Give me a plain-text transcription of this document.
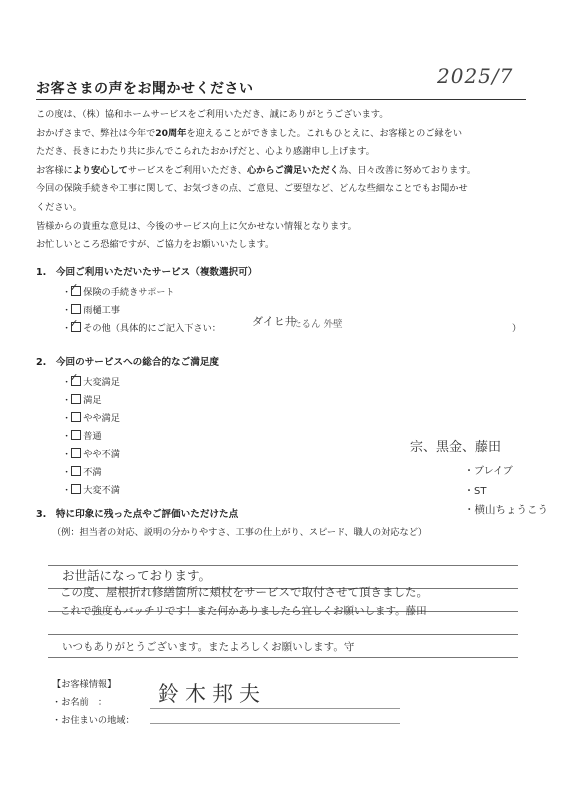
お客さまの声をお聞かせください
2025/7

この度は、（株）協和ホームサービスをご利用いただき、誠にありがとうございます。

おかげさまで、弊社は今年で20周年を迎えることができました。これもひとえに、お客様とのご縁をい

ただき、長きにわたり共に歩んでこられたおかげだと、心より感謝申し上げます。

お客様により安心してサービスをご利用いただき、心からご満足いただく為、日々改善に努めております。

今回の保険手続きや工事に関して、お気づきの点、ご意見、ご要望など、どんな些細なことでもお聞かせ

ください。

皆様からの貴重な意見は、今後のサービス向上に欠かせない情報となります。

お忙しいところ恐縮ですが、ご協力をお願いいたします。

1.　今回ご利用いただいたサービス（複数選択可）
・
✓ 保険の手続きサポート
・ 雨樋工事
・
✓ その他（具体的にご記入下さい：
ダイヒ井
たるん 外壁	）
2.　今回のサービスへの総合的なご満足度
・
✓ 大変満足
・ 満足
・ やや満足
・ 普通
・ やや不満
・ 不満
・ 大変不満
宗、黒金、藤田
・ブレイブ
・ST
・横山ちょうこう
3.　特に印象に残った点やご評価いただけた点
（例：担当者の対応、説明の分かりやすさ、工事の仕上がり、スピード、職人の対応など）
お世話になっております。
この度、屋根折れ修繕箇所に頬杖をサービスで取付させて頂きました。
これで強度もバッチリです！また何かありましたら宜しくお願いします。藤田
いつもありがとうございます。またよろしくお願いします。守
【お客様情報】
・お名前　： 鈴木邦夫
・お住まいの地域：
